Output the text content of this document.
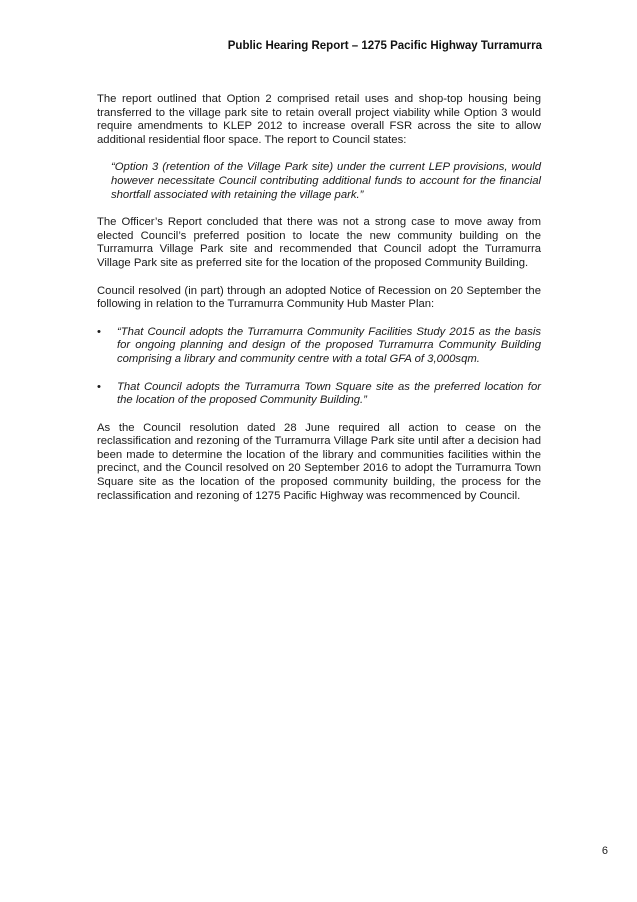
Public Hearing Report – 1275 Pacific Highway Turramurra

The report outlined that Option 2 comprised retail uses and shop-top housing being transferred to the village park site to retain overall project viability while Option 3 would require amendments to KLEP 2012 to increase overall FSR across the site to allow additional residential floor space. The report to Council states:

“Option 3 (retention of the Village Park site) under the current LEP provisions, would however necessitate Council contributing additional funds to account for the financial shortfall associated with retaining the village park.”

The Officer’s Report concluded that there was not a strong case to move away from elected Council’s preferred position to locate the new community building on the Turramurra Village Park site and recommended that Council adopt the Turramurra Village Park site as preferred site for the location of the proposed Community Building.

Council resolved (in part) through an adopted Notice of Recession on 20 September the following in relation to the Turramurra Community Hub Master Plan:

• “That Council adopts the Turramurra Community Facilities Study 2015 as the basis for ongoing planning and design of the proposed Turramurra Community Building comprising a library and community centre with a total GFA of 3,000sqm.
• That Council adopts the Turramurra Town Square site as the preferred location for the location of the proposed Community Building.”

As the Council resolution dated 28 June required all action to cease on the reclassification and rezoning of the Turramurra Village Park site until after a decision had been made to determine the location of the library and communities facilities within the precinct, and the Council resolved on 20 September 2016 to adopt the Turramurra Town Square site as the location of the proposed community building, the process for the reclassification and rezoning of 1275 Pacific Highway was recommenced by Council.

6
